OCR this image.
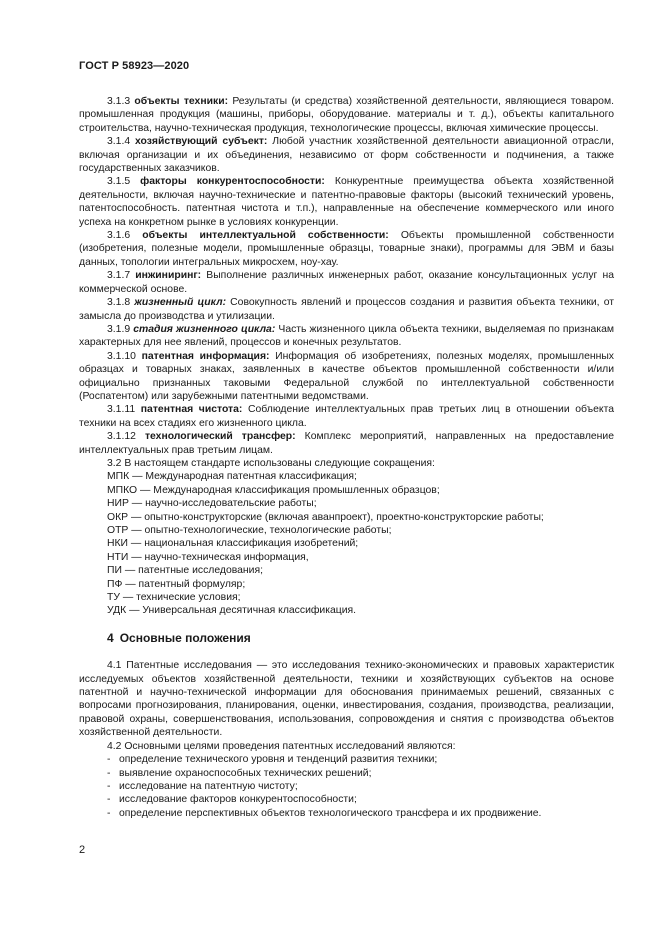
ГОСТ Р 58923—2020

3.1.3 объекты техники: Результаты (и средства) хозяйственной деятельности, являющиеся товаром. промышленная продукция (машины, приборы, оборудование. материалы и т. д.), объекты капитального строительства, научно-техническая продукция, технологические процессы, включая химические процессы.

3.1.4 хозяйствующий субъект: Любой участник хозяйственной деятельности авиационной отрасли, включая организации и их объединения, независимо от форм собственности и подчинения, а также государственных заказчиков.

3.1.5 факторы конкурентоспособности: Конкурентные преимущества объекта хозяйственной деятельности, включая научно-технические и патентно-правовые факторы (высокий технический уровень, патентоспособность. патентная чистота и т.п.), направленные на обеспечение коммерческого или иного успеха на конкретном рынке в условиях конкуренции.

3.1.6 объекты интеллектуальной собственности: Объекты промышленной собственности (изобретения, полезные модели, промышленные образцы, товарные знаки), программы для ЭВМ и базы данных, топологии интегральных микросхем, ноу-хау.

3.1.7 инжиниринг: Выполнение различных инженерных работ, оказание консультационных услуг на коммерческой основе.

3.1.8 жизненный цикл: Совокупность явлений и процессов создания и развития объекта техники, от замысла до производства и утилизации.

3.1.9 стадия жизненного цикла: Часть жизненного цикла объекта техники, выделяемая по признакам характерных для нее явлений, процессов и конечных результатов.

3.1.10 патентная информация: Информация об изобретениях, полезных моделях, промышленных образцах и товарных знаках, заявленных в качестве объектов промышленной собственности и/или официально признанных таковыми Федеральной службой по интеллектуальной собственности (Роспатентом) или зарубежными патентными ведомствами.

3.1.11 патентная чистота: Соблюдение интеллектуальных прав третьих лиц в отношении объекта техники на всех стадиях его жизненного цикла.

3.1.12 технологический трансфер: Комплекс мероприятий, направленных на предоставление интеллектуальных прав третьим лицам.

3.2 В настоящем стандарте использованы следующие сокращения:

МПК — Международная патентная классификация;

МПКО — Международная классификация промышленных образцов;

НИР — научно-исследовательские работы;

ОКР — опытно-конструкторские (включая аванпроект), проектно-конструкторские работы;

ОТР — опытно-технологические, технологические работы;

НКИ — национальная классификация изобретений;

НТИ — научно-техническая информация,

ПИ — патентные исследования;

ПФ — патентный формуляр;

ТУ — технические условия;

УДК — Универсальная десятичная классификация.

4 Основные положения

4.1 Патентные исследования — это исследования технико-экономических и правовых характеристик исследуемых объектов хозяйственной деятельности, техники и хозяйствующих субъектов на основе патентной и научно-технической информации для обоснования принимаемых решений, связанных с вопросами прогнозирования, планирования, оценки, инвестирования, создания, производства, реализации, правовой охраны, совершенствования, использования, сопровождения и снятия с производства объектов хозяйственной деятельности.

4.2 Основными целями проведения патентных исследований являются:

- определение технического уровня и тенденций развития техники;

- выявление охраноспособных технических решений;

- исследование на патентную чистоту;

- исследование факторов конкурентоспособности;

- определение перспективных объектов технологического трансфера и их продвижение.

2
